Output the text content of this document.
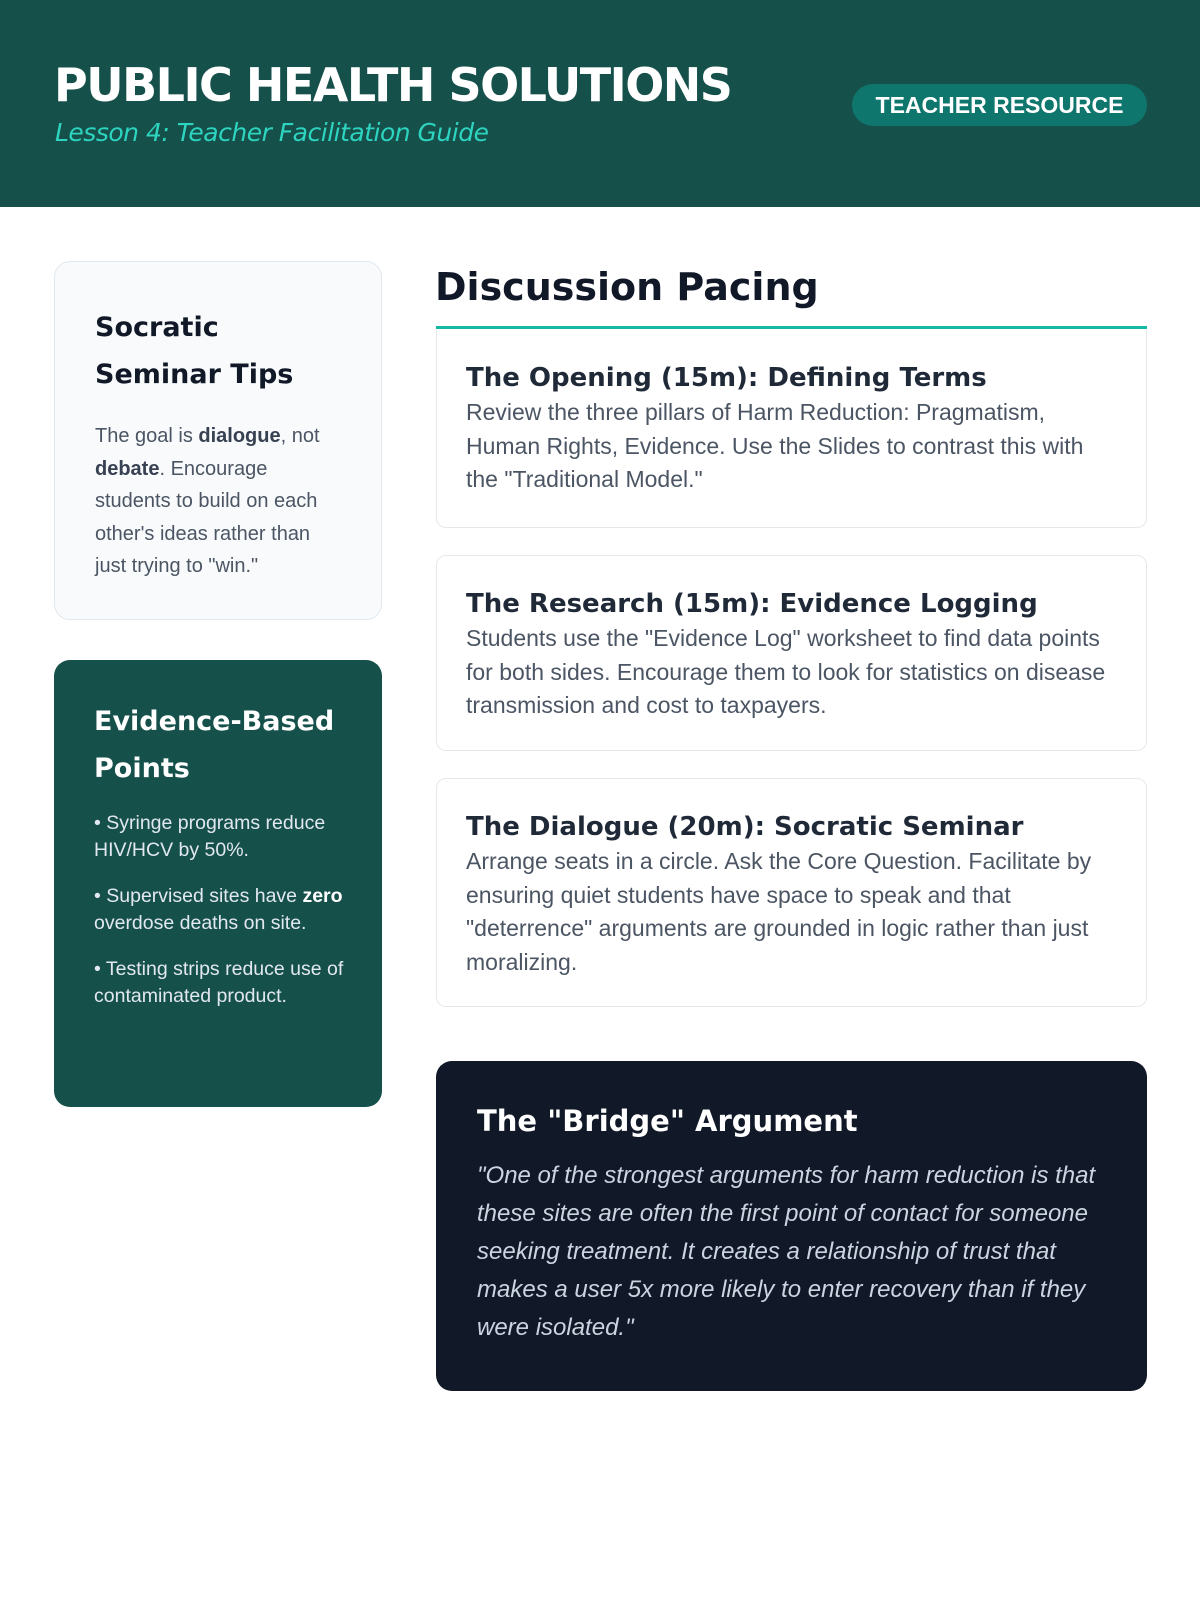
PUBLIC HEALTH SOLUTIONS
Lesson 4: Teacher Facilitation Guide
TEACHER RESOURCE
Socratic
Seminar Tips

The goal is dialogue, not debate. Encourage students to build on each other's ideas rather than just trying to "win."

Evidence-Based
Points
• Syringe programs reduce HIV/HCV by 50%.
• Supervised sites have zero overdose deaths on site.
• Testing strips reduce use of contaminated product.
Discussion Pacing
The Opening (15m): Defining Terms
Review the three pillars of Harm Reduction: Pragmatism, Human Rights, Evidence. Use the Slides to contrast this with the "Traditional Model."
The Research (15m): Evidence Logging
Students use the "Evidence Log" worksheet to find data points for both sides. Encourage them to look for statistics on disease transmission and cost to taxpayers.
The Dialogue (20m): Socratic Seminar
Arrange seats in a circle. Ask the Core Question. Facilitate by ensuring quiet students have space to speak and that "deterrence" arguments are grounded in logic rather than just moralizing.
The "Bridge" Argument

"One of the strongest arguments for harm reduction is that these sites are often the first point of contact for someone seeking treatment. It creates a relationship of trust that makes a user 5x more likely to enter recovery than if they were isolated."
